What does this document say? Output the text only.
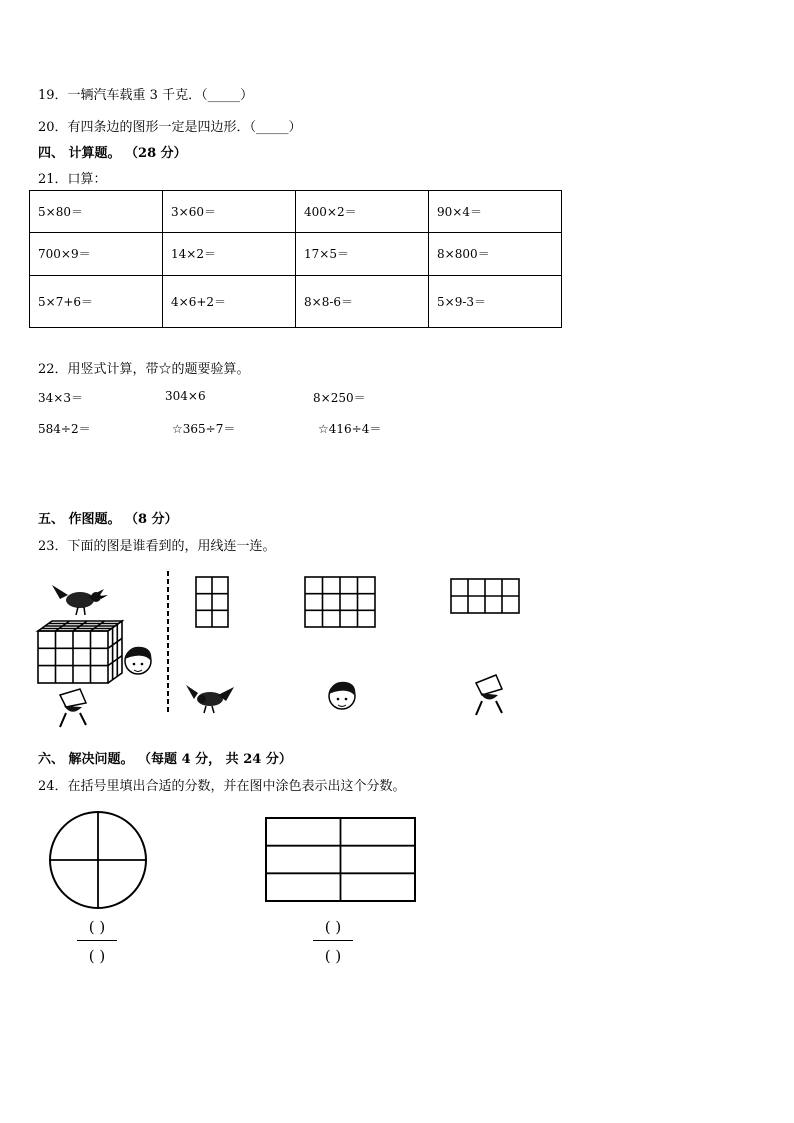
19．一辆汽车载重 3 千克．（_____）
20．有四条边的图形一定是四边形．（_____）
四、 计算题。 （28 分）
21．口算：
5×80＝	3×60＝	400×2＝	90×4＝
700×9＝	14×2＝	17×5＝	8×800＝
5×7+6＝	4×6+2＝	8×8-6＝	5×9-3＝
22．用竖式计算，带☆的题要验算。
34×3＝	304×6	8×250＝
584÷2＝	☆365÷7＝	☆416÷4＝
五、 作图题。 （8 分）
23．下面的图是谁看到的，用线连一连。
六、 解决问题。 （每题 4 分， 共 24 分）
24．在括号里填出合适的分数，并在图中涂色表示出这个分数。
( )
( )
( )
( )
